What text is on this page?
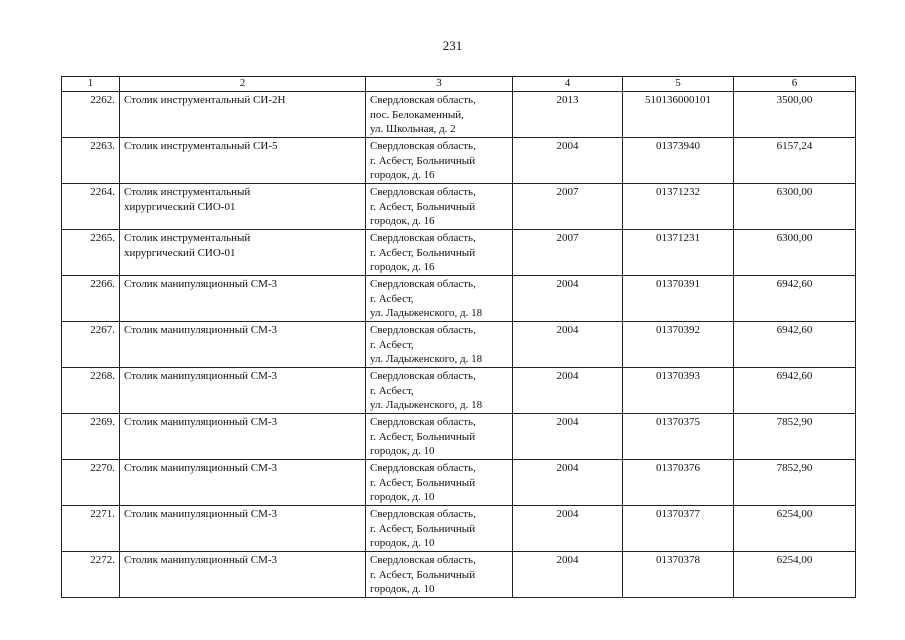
231
1	2	3	4	5	6
2262.	Столик инструментальный СИ-2Н	Свердловская область,
пос. Белокаменный,
ул. Школьная, д. 2	2013	510136000101	3500,00
2263.	Столик инструментальный СИ-5	Свердловская область,
г. Асбест, Больничный
городок, д. 16	2004	01373940	6157,24
2264.	Столик инструментальный
хирургический СИО-01	Свердловская область,
г. Асбест, Больничный
городок, д. 16	2007	01371232	6300,00
2265.	Столик инструментальный
хирургический СИО-01	Свердловская область,
г. Асбест, Больничный
городок, д. 16	2007	01371231	6300,00
2266.	Столик манипуляционный СМ-3	Свердловская область,
г. Асбест,
ул. Ладыженского, д. 18	2004	01370391	6942,60
2267.	Столик манипуляционный СМ-3	Свердловская область,
г. Асбест,
ул. Ладыженского, д. 18	2004	01370392	6942,60
2268.	Столик манипуляционный СМ-3	Свердловская область,
г. Асбест,
ул. Ладыженского, д. 18	2004	01370393	6942,60
2269.	Столик манипуляционный СМ-3	Свердловская область,
г. Асбест, Больничный
городок, д. 10	2004	01370375	7852,90
2270.	Столик манипуляционный СМ-3	Свердловская область,
г. Асбест, Больничный
городок, д. 10	2004	01370376	7852,90
2271.	Столик манипуляционный СМ-3	Свердловская область,
г. Асбест, Больничный
городок, д. 10	2004	01370377	6254,00
2272.	Столик манипуляционный СМ-3	Свердловская область,
г. Асбест, Больничный
городок, д. 10	2004	01370378	6254,00
